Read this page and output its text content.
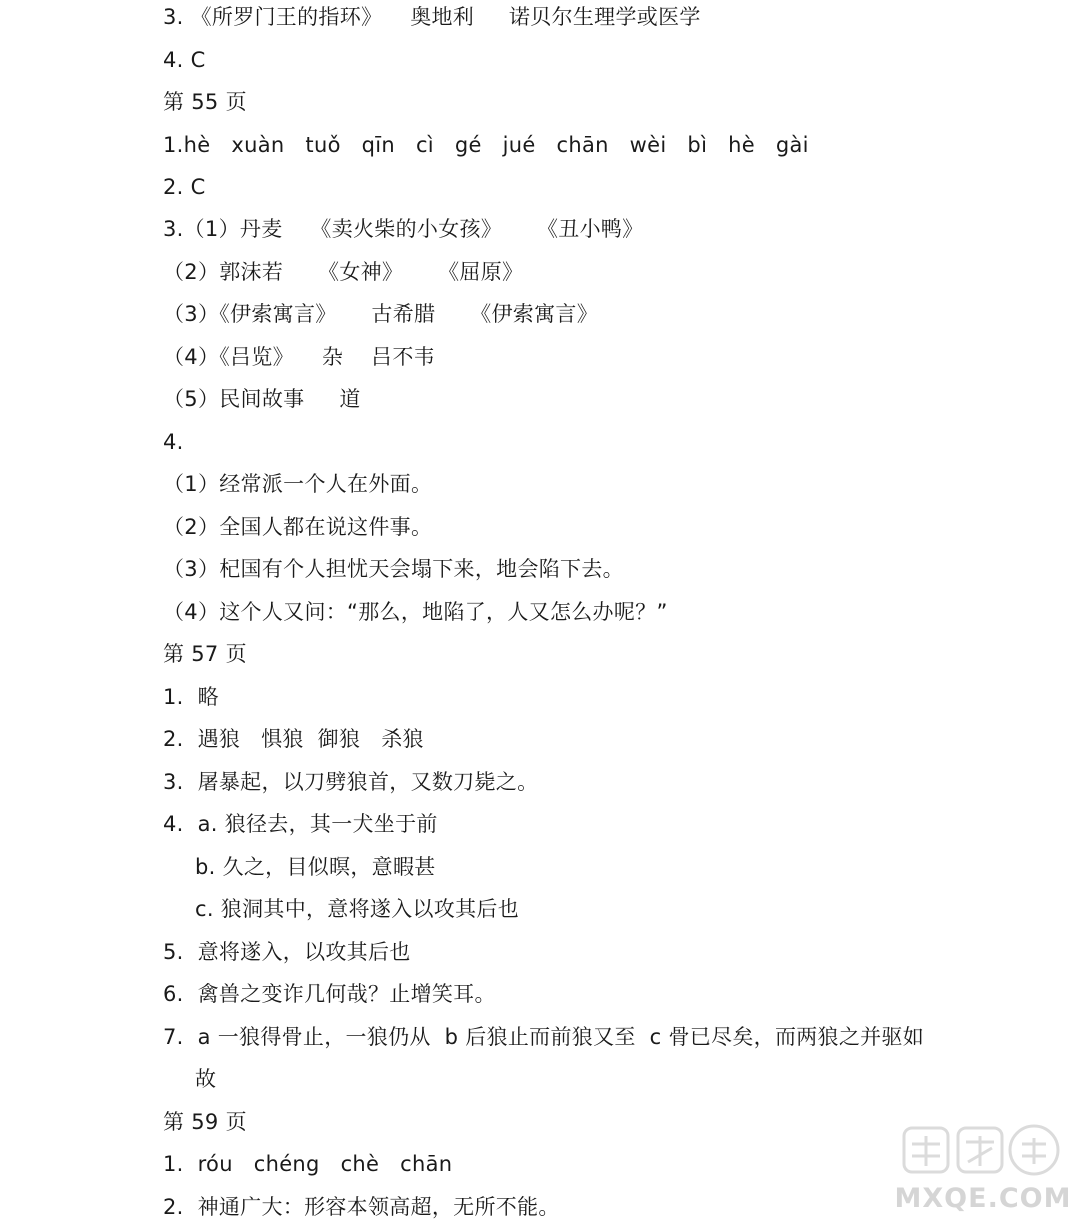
3. 《所罗门王的指环》    奥地利     诺贝尔生理学或医学
4. C
第 55 页
1.hè   xuàn   tuǒ   qīn   cì   gé   jué   chān   wèi   bì   hè   gài
2. C
3.（1）丹麦    《卖火柴的小女孩》     《丑小鸭》
（2）郭沫若     《女神》     《屈原》
（3）《伊索寓言》     古希腊     《伊索寓言》
（4）《吕览》    杂    吕不韦
（5）民间故事     道
4.
（1）经常派一个人在外面。
（2）全国人都在说这件事。
（3）杞国有个人担忧天会塌下来，地会陷下去。
（4）这个人又问：“那么，地陷了，人又怎么办呢？”
第 57 页
1.  略
2.  遇狼   惧狼  御狼   杀狼
3.  屠暴起，以刀劈狼首，又数刀毙之。
4.  a. 狼径去，其一犬坐于前
b. 久之，目似暝，意暇甚
c. 狼洞其中，意将遂入以攻其后也
5.  意将遂入，以攻其后也
6.  禽兽之变诈几何哉？止增笑耳。
7.  a 一狼得骨止，一狼仍从  b 后狼止而前狼又至  c 骨已尽矣，而两狼之并驱如
故
第 59 页
1.  róu   chéng   chè   chān
2.  神通广大：形容本领高超，无所不能。	MXQE.COM
